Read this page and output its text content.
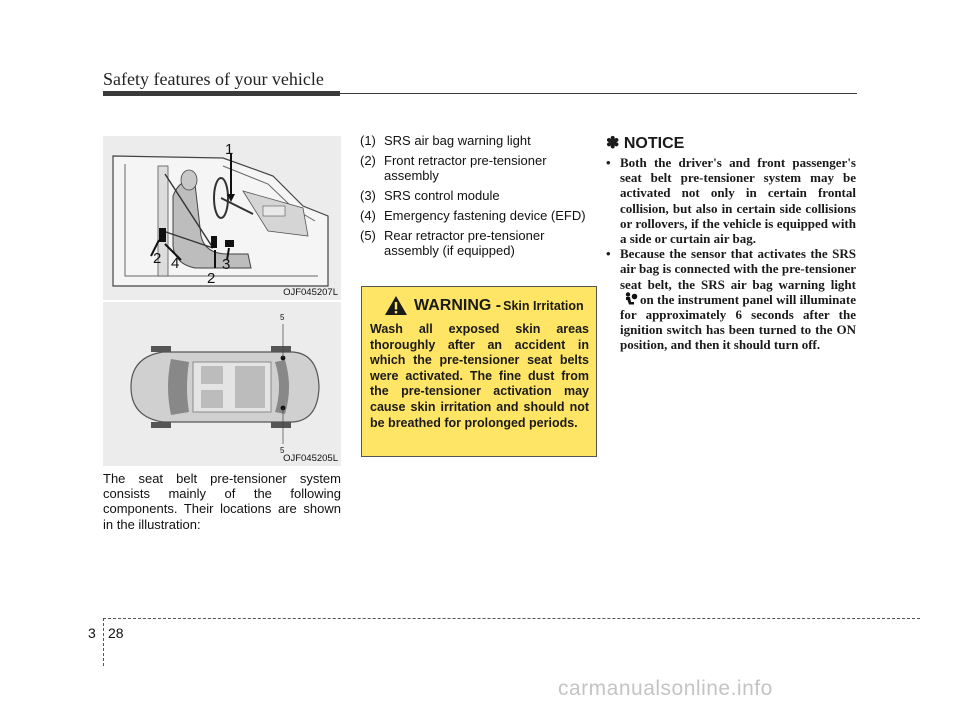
Safety features of your vehicle
1
2 4
2
3
OJF045207L
5
5
OJF045205L
The seat belt pre-tensioner system consists mainly of the following components. Their locations are shown in the illustration:
(1) SRS air bag warning light
(2) Front retractor pre-tensioner assembly
(3) SRS control module
(4) Emergency fastening device (EFD)
(5) Rear retractor pre-tensioner assembly (if equipped)
WARNING - Skin Irritation
Wash all exposed skin areas thoroughly after an accident in which the pre-tensioner seat belts were activated. The fine dust from the pre-tensioner activation may cause skin irritation and should not be breathed for prolonged periods.
✽ NOTICE
• Both the driver's and front passenger's seat belt pre-tensioner system may be activated not only in certain frontal collision, but also in certain side collisions or rollovers, if the vehicle is equipped with a side or curtain air bag.
• Because the sensor that activates the SRS air bag is connected with the pre-tensioner seat belt, the SRS air bag warning light on the instrument panel will illuminate for approximately 6 seconds after the ignition switch has been turned to the ON position, and then it should turn off.
3 28
carmanualsonline.info
